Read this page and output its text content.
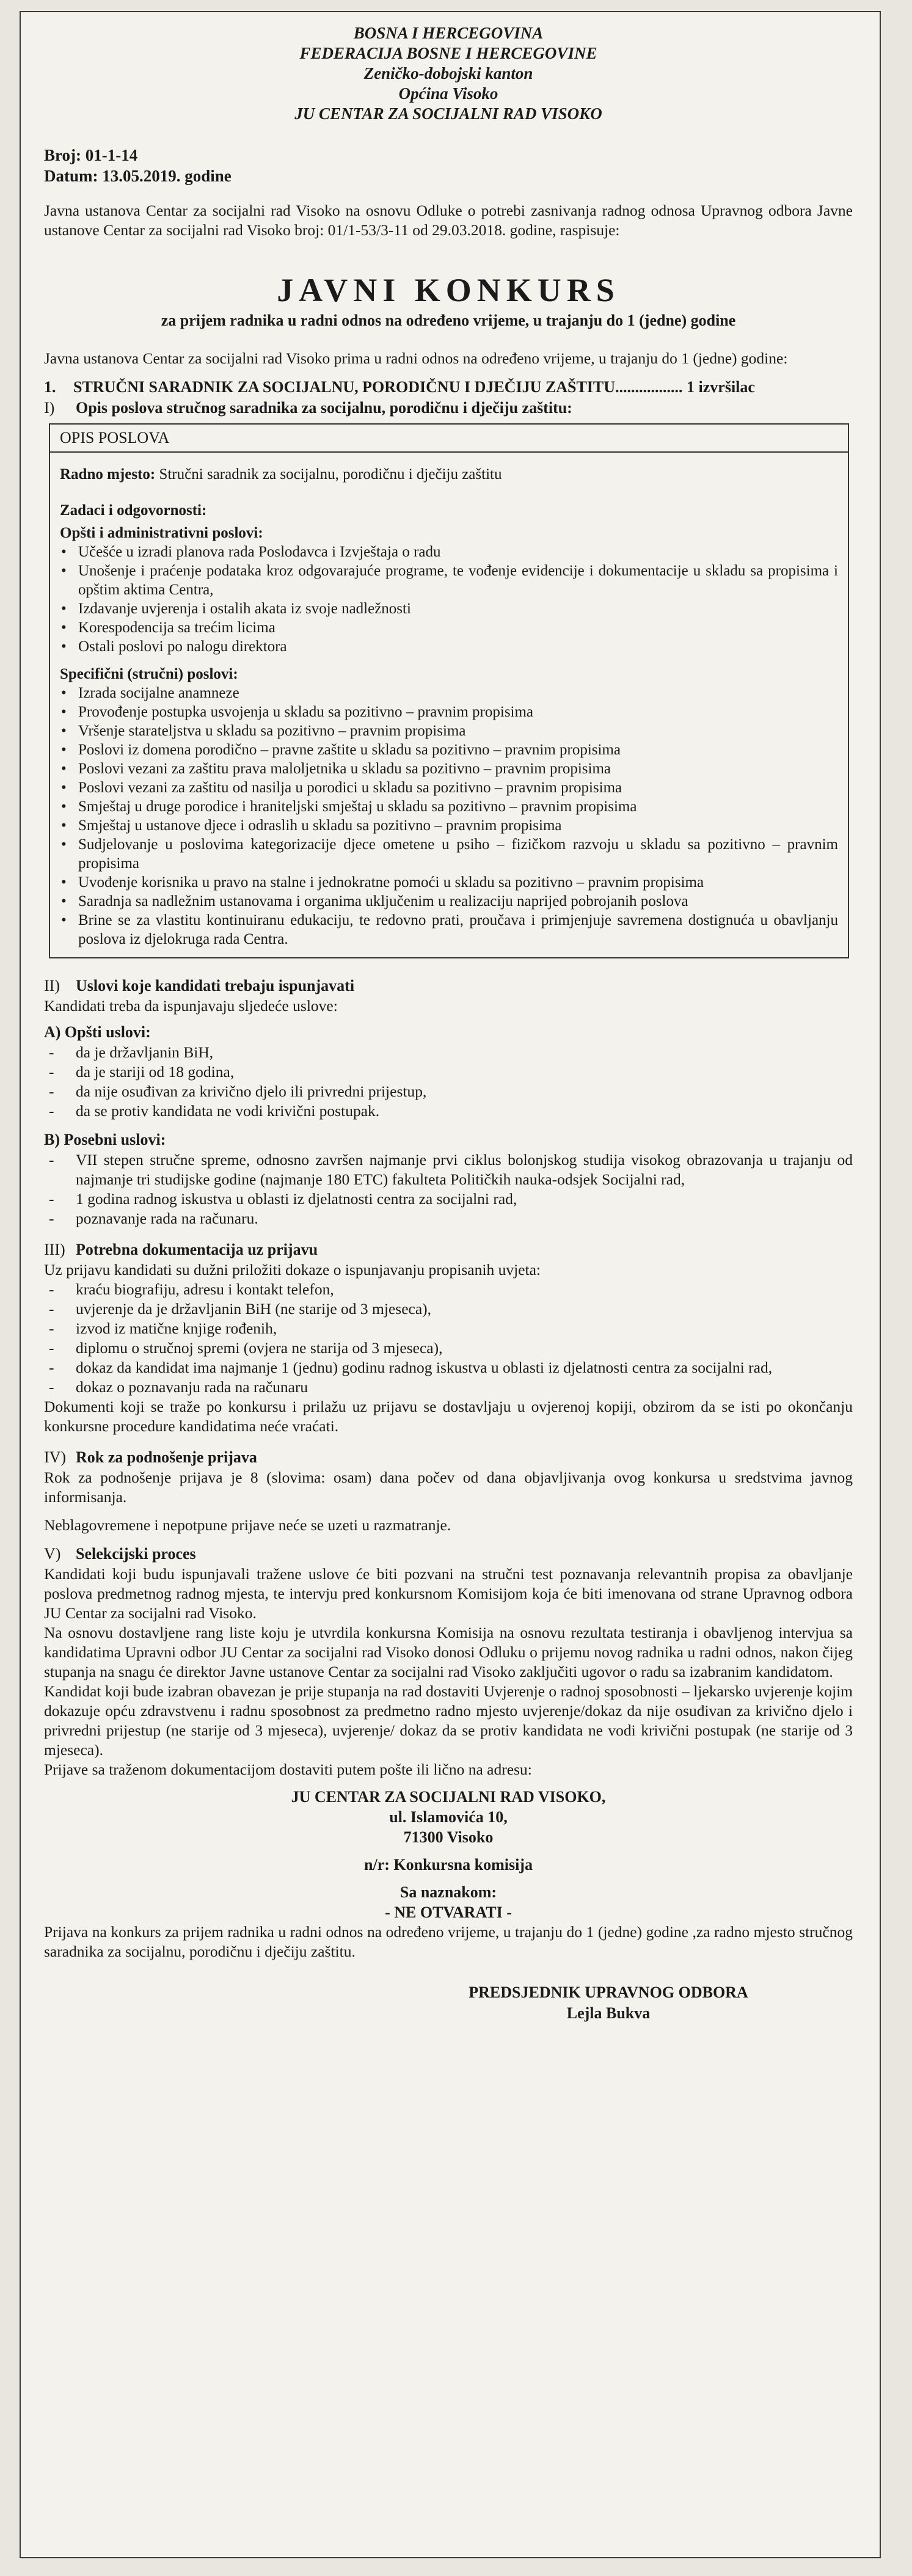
BOSNA I HERCEGOVINA
FEDERACIJA BOSNE I HERCEGOVINE
Zeničko-dobojski kanton
Općina Visoko
JU CENTAR ZA SOCIJALNI RAD VISOKO
Broj: 01-1-14
Datum: 13.05.2019. godine

Javna ustanova Centar za socijalni rad Visoko na osnovu Odluke o potrebi zasnivanja radnog odnosa Upravnog odbora Javne ustanove Centar za socijalni rad Visoko broj: 01/1-53/3-11 od 29.03.2018. godine, raspisuje:

JAVNI KONKURS
za prijem radnika u radni odnos na određeno vrijeme, u trajanju do 1 (jedne) godine

Javna ustanova Centar za socijalni rad Visoko prima u radni odnos na određeno vrijeme, u trajanju do 1 (jedne) godine:

1.	STRUČNI SARADNIK ZA SOCIJALNU, PORODIČNU I DJEČIJU ZAŠTITU................. 1 izvršilac
I)	Opis poslova stručnog saradnika za socijalnu, porodičnu i dječiju zaštitu:
OPIS POSLOVA

Radno mjesto: Stručni saradnik za socijalnu, porodičnu i dječiju zaštitu

Zadaci i odgovornosti:

Opšti i administrativni poslovi:

• Učešće u izradi planova rada Poslodavca i Izvještaja o radu
• Unošenje i praćenje podataka kroz odgovarajuće programe, te vođenje evidencije i dokumentacije u skladu sa propisima i opštim aktima Centra,
• Izdavanje uvjerenja i ostalih akata iz svoje nadležnosti
• Korespodencija sa trećim licima
• Ostali poslovi po nalogu direktora

Specifični (stručni) poslovi:

• Izrada socijalne anamneze
• Provođenje postupka usvojenja u skladu sa pozitivno – pravnim propisima
• Vršenje starateljstva u skladu sa pozitivno – pravnim propisima
• Poslovi iz domena porodično – pravne zaštite u skladu sa pozitivno – pravnim propisima
• Poslovi vezani za zaštitu prava maloljetnika u skladu sa pozitivno – pravnim propisima
• Poslovi vezani za zaštitu od nasilja u porodici u skladu sa pozitivno – pravnim propisima
• Smještaj u druge porodice i hraniteljski smještaj u skladu sa pozitivno – pravnim propisima
• Smještaj u ustanove djece i odraslih u skladu sa pozitivno – pravnim propisima
• Sudjelovanje u poslovima kategorizacije djece ometene u psiho – fizičkom razvoju u skladu sa pozitivno – pravnim propisima
• Uvođenje korisnika u pravo na stalne i jednokratne pomoći u skladu sa pozitivno – pravnim propisima
• Saradnja sa nadležnim ustanovama i organima uključenim u realizaciju naprijed pobrojanih poslova
• Brine se za vlastitu kontinuiranu edukaciju, te redovno prati, proučava i primjenjuje savremena dostignuća u obavljanju poslova iz djelokruga rada Centra.
II)	Uslovi koje kandidati trebaju ispunjavati

Kandidati treba da ispunjavaju sljedeće uslove:

A) Opšti uslovi:
- da je državljanin BiH,
- da je stariji od 18 godina,
- da nije osuđivan za krivično djelo ili privredni prijestup,
- da se protiv kandidata ne vodi krivični postupak.
B) Posebni uslovi:
- VII stepen stručne spreme, odnosno završen najmanje prvi ciklus bolonjskog studija visokog obrazovanja u trajanju od najmanje tri studijske godine (najmanje 180 ETC) fakulteta Političkih nauka-odsjek Socijalni rad,
- 1 godina radnog iskustva u oblasti iz djelatnosti centra za socijalni rad,
- poznavanje rada na računaru.
III) Potrebna dokumentacija uz prijavu

Uz prijavu kandidati su dužni priložiti dokaze o ispunjavanju propisanih uvjeta:

- kraću biografiju, adresu i kontakt telefon,
- uvjerenje da je državljanin BiH (ne starije od 3 mjeseca),
- izvod iz matične knjige rođenih,
- diplomu o stručnoj spremi (ovjera ne starija od 3 mjeseca),
- dokaz da kandidat ima najmanje 1 (jednu) godinu radnog iskustva u oblasti iz djelatnosti centra za socijalni rad,
- dokaz o poznavanju rada na računaru

Dokumenti koji se traže po konkursu i prilažu uz prijavu se dostavljaju u ovjerenoj kopiji, obzirom da se isti po okončanju konkursne procedure kandidatima neće vraćati.

IV) Rok za podnošenje prijava

Rok za podnošenje prijava je 8 (slovima: osam) dana počev od dana objavljivanja ovog konkursa u sredstvima javnog informisanja.

Neblagovremene i nepotpune prijave neće se uzeti u razmatranje.

V) Selekcijski proces

Kandidati koji budu ispunjavali tražene uslove će biti pozvani na stručni test poznavanja relevantnih propisa za obavljanje poslova predmetnog radnog mjesta, te intervju pred konkursnom Komisijom koja će biti imenovana od strane Upravnog odbora JU Centar za socijalni rad Visoko.

Na osnovu dostavljene rang liste koju je utvrdila konkursna Komisija na osnovu rezultata testiranja i obavljenog intervjua sa kandidatima Upravni odbor JU Centar za socijalni rad Visoko donosi Odluku o prijemu novog radnika u radni odnos, nakon čijeg stupanja na snagu će direktor Javne ustanove Centar za socijalni rad Visoko zaključiti ugovor o radu sa izabranim kandidatom.

Kandidat koji bude izabran obavezan je prije stupanja na rad dostaviti Uvjerenje o radnoj sposobnosti – ljekarsko uvjerenje kojim dokazuje opću zdravstvenu i radnu sposobnost za predmetno radno mjesto uvjerenje/dokaz da nije osuđivan za krivično djelo i privredni prijestup (ne starije od 3 mjeseca), uvjerenje/ dokaz da se protiv kandidata ne vodi krivični postupak (ne starije od 3 mjeseca).

Prijave sa traženom dokumentacijom dostaviti putem pošte ili lično na adresu:

JU CENTAR ZA SOCIJALNI RAD VISOKO,
ul. Islamovića 10,
71300 Visoko
n/r: Konkursna komisija
Sa naznakom:
- NE OTVARATI -

Prijava na konkurs za prijem radnika u radni odnos na određeno vrijeme, u trajanju do 1 (jedne) godine ,za radno mjesto stručnog saradnika za socijalnu, porodičnu i dječiju zaštitu.

PREDSJEDNIK UPRAVNOG ODBORA
Lejla Bukva
